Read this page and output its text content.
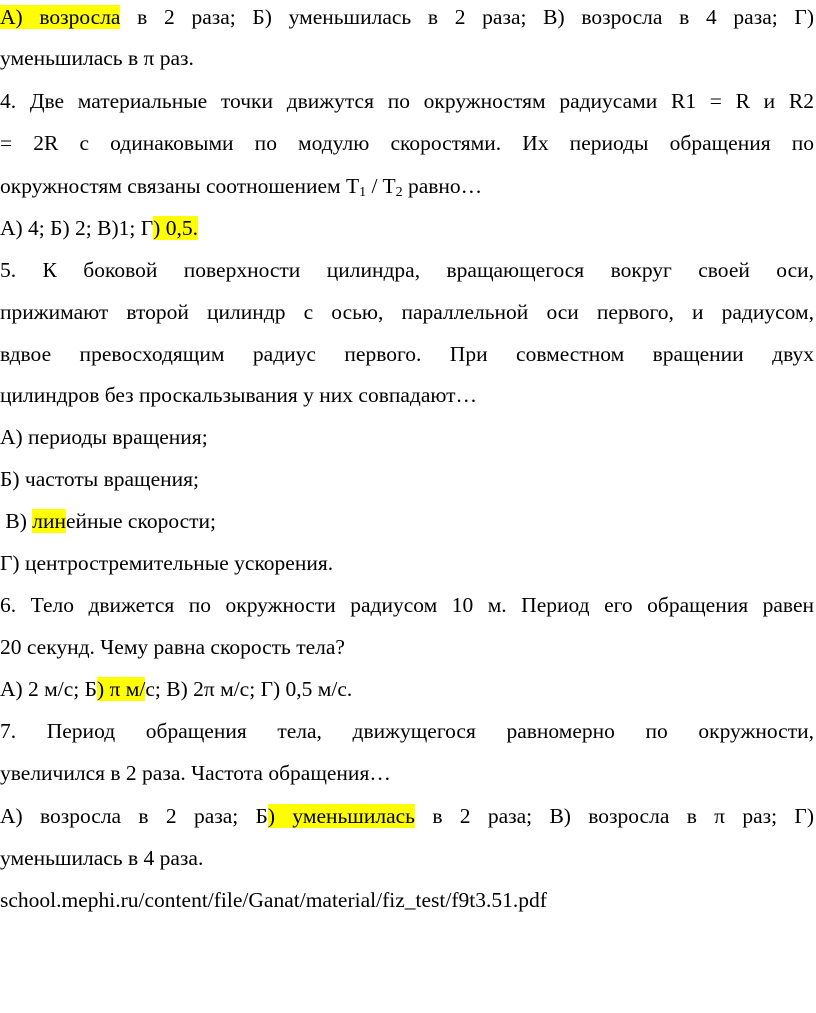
А) возросла в 2 раза; Б) уменьшилась в 2 раза; В) возросла в 4 раза; Г)
уменьшилась в π раз.
4. Две материальные точки движутся по окружностям радиусами R1 = R и R2
= 2R с одинаковыми по модулю скоростями. Их периоды обращения по
окружностям связаны соотношением $T_1 / T_2$ равно…
А) 4; Б) 2; В)1; Г) 0,5.
5. К боковой поверхности цилиндра, вращающегося вокруг своей оси,
прижимают второй цилиндр с осью, параллельной оси первого, и радиусом,
вдвое превосходящим радиус первого. При совместном вращении двух
цилиндров без проскальзывания у них совпадают…
А) периоды вращения;
Б) частоты вращения;
В) линейные скорости;
Г) центростремительные ускорения.
6. Тело движется по окружности радиусом 10 м. Период его обращения равен
20 секунд. Чему равна скорость тела?
А) 2 м/с; Б) π м/с; В) 2π м/с; Г) 0,5 м/с.
7. Период обращения тела, движущегося равномерно по окружности,
увеличился в 2 раза. Частота обращения…
А) возросла в 2 раза; Б) уменьшилась в 2 раза; В) возросла в π раз; Г)
уменьшилась в 4 раза.
school.mephi.ru/content/file/Ganat/material/fiz_test/f9t3.51.pdf
